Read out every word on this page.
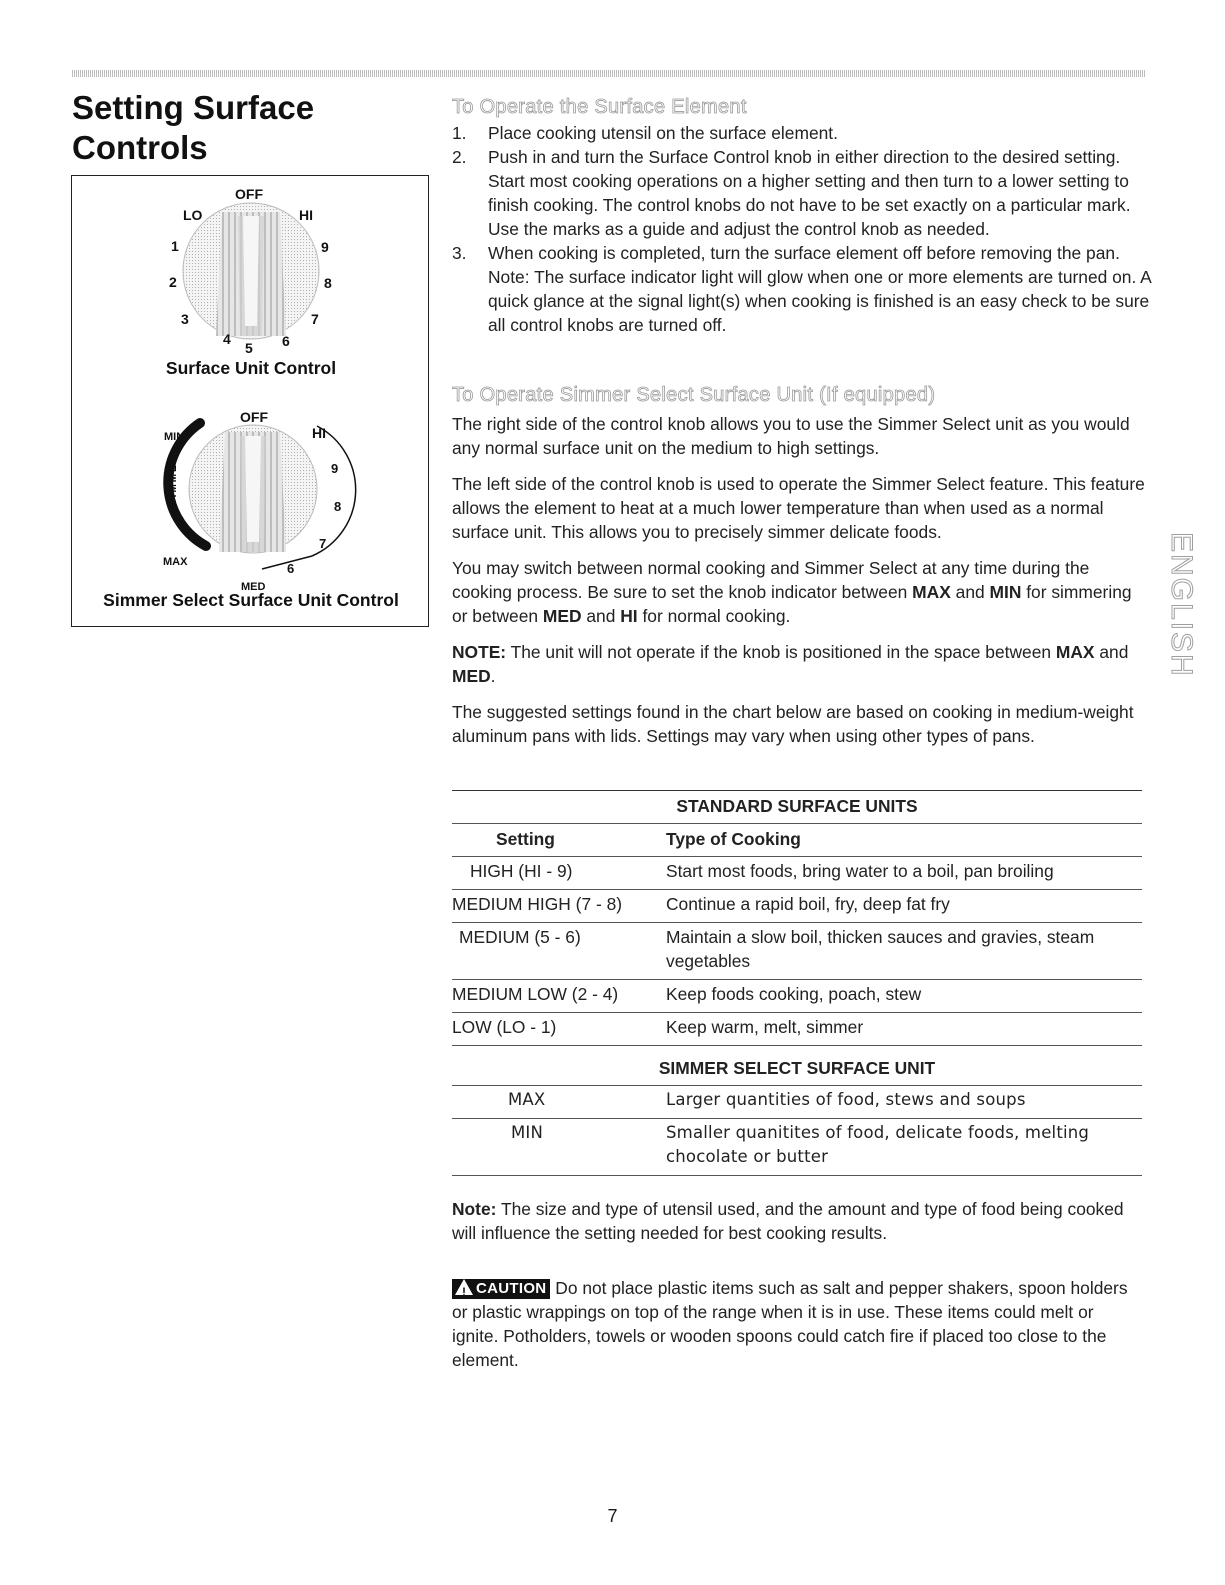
Setting Surface Controls
OFF
LO	HI
1
2
3
4
5 6
7
8
9
Surface Unit Control
OFF
MIN	HI
9
8
7
6
MED
MAX
SIMMER
Simmer Select Surface Unit Control
To Operate the Surface Element
1. Place cooking utensil on the surface element.
2. Push in and turn the Surface Control knob in either direction to the desired setting. Start most cooking operations on a higher setting and then turn to a lower setting to finish cooking. The control knobs do not have to be set exactly on a particular mark. Use the marks as a guide and adjust the control knob as needed.
3. When cooking is completed, turn the surface element off before removing the pan. Note: The surface indicator light will glow when one or more elements are turned on. A quick glance at the signal light(s) when cooking is finished is an easy check to be sure all control knobs are turned off.
To Operate Simmer Select Surface Unit (If equipped)

The right side of the control knob allows you to use the Simmer Select unit as you would any normal surface unit on the medium to high settings.

The left side of the control knob is used to operate the Simmer Select feature. This feature allows the element to heat at a much lower temperature than when used as a normal surface unit. This allows you to precisely simmer delicate foods.

You may switch between normal cooking and Simmer Select at any time during the cooking process. Be sure to set the knob indicator between MAX and MIN for simmering or between MED and HI for normal cooking.

NOTE: The unit will not operate if the knob is positioned in the space between MAX and MED.

The suggested settings found in the chart below are based on cooking in medium-weight aluminum pans with lids. Settings may vary when using other types of pans.

STANDARD SURFACE UNITS
Setting	Type of Cooking
HIGH (HI - 9)	Start most foods, bring water to a boil, pan broiling
MEDIUM HIGH (7 - 8)	Continue a rapid boil, fry, deep fat fry
MEDIUM (5 - 6)	Maintain a slow boil, thicken sauces and gravies, steam vegetables
MEDIUM LOW (2 - 4)	Keep foods cooking, poach, stew
LOW (LO - 1)	Keep warm, melt, simmer
SIMMER SELECT SURFACE UNIT
MAX	Larger quantities of food, stews and soups
MIN	Smaller quanitites of food, delicate foods, melting chocolate or butter
Note: The size and type of utensil used, and the amount and type of food being cooked will influence the setting needed for best cooking results.
! CAUTION Do not place plastic items such as salt and pepper shakers, spoon holders or plastic wrappings on top of the range when it is in use. These items could melt or ignite. Potholders, towels or wooden spoons could catch fire if placed too close to the element.
ENGLISH
7
